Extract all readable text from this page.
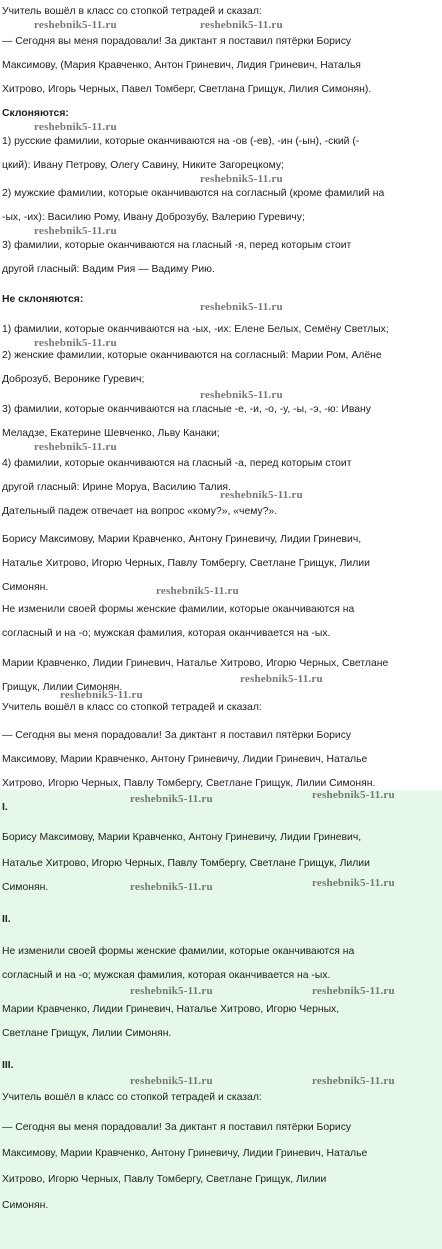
Учитель вошёл в класс со стопкой тетрадей и сказал:
— Сегодня вы меня порадовали! За диктант я поставил пятёрки Борису
Максимову, (Мария Кравченко, Антон Гриневич, Лидия Гриневич, Наталья
Хитрово, Игорь Черных, Павел Томберг, Светлана Грищук, Лилия Симонян).
Склоняются:
1) русские фамилии, которые оканчиваются на -ов (-ев), -ин (-ын), -ский (-
цкий): Ивану Петрову, Олегу Савину, Никите Загорецкому;
2) мужские фамилии, которые оканчиваются на согласный (кроме фамилий на
-ых, -их): Василию Рому, Ивану Доброзубу, Валерию Гуревичу;
3) фамилии, которые оканчиваются на гласный -я, перед которым стоит
другой гласный: Вадим Рия — Вадиму Рию.
Не склоняются:
1) фамилии, которые оканчиваются на -ых, -их: Елене Белых, Семёну Светлых;
2) женские фамилии, которые оканчиваются на согласный: Марии Ром, Алёне
Доброзуб, Веронике Гуревич;
3) фамилии, которые оканчиваются на гласные -е, -и, -о, -у, -ы, -э, -ю: Ивану
Меладзе, Екатерине Шевченко, Льву Канаки;
4) фамилии, которые оканчиваются на гласный -а, перед которым стоит
другой гласный: Ирине Моруа, Василию Талия.
Дательный падеж отвечает на вопрос «кому?», «чему?».
Борису Максимову, Марии Кравченко, Антону Гриневичу, Лидии Гриневич,
Наталье Хитрово, Игорю Черных, Павлу Томбергу, Светлане Грищук, Лилии
Симонян.
Не изменили своей формы женские фамилии, которые оканчиваются на
согласный и на -о; мужская фамилия, которая оканчивается на -ых.
Марии Кравченко, Лидии Гриневич, Наталье Хитрово, Игорю Черных, Светлане
Грищук, Лилии Симонян.
Учитель вошёл в класс со стопкой тетрадей и сказал:
— Сегодня вы меня порадовали! За диктант я поставил пятёрки Борису
Максимову, Марии Кравченко, Антону Гриневичу, Лидии Гриневич, Наталье
Хитрово, Игорю Черных, Павлу Томбергу, Светлане Грищук, Лилии Симонян.
I.
Борису Максимову, Марии Кравченко, Антону Гриневичу, Лидии Гриневич,
Наталье Хитрово, Игорю Черных, Павлу Томбергу, Светлане Грищук, Лилии
Симонян.
II.
Не изменили своей формы женские фамилии, которые оканчиваются на
согласный и на -о; мужская фамилия, которая оканчивается на -ых.
Марии Кравченко, Лидии Гриневич, Наталье Хитрово, Игорю Черных,
Светлане Грищук, Лилии Симонян.
III.
Учитель вошёл в класс со стопкой тетрадей и сказал:
— Сегодня вы меня порадовали! За диктант я поставил пятёрки Борису
Максимову, Марии Кравченко, Антону Гриневичу, Лидии Гриневич, Наталье
Хитрово, Игорю Черных, Павлу Томбергу, Светлане Грищук, Лилии
Симонян.
reshebnik5-11.ru	reshebnik5-11.ru
reshebnik5-11.ru
reshebnik5-11.ru
reshebnik5-11.ru
reshebnik5-11.ru
reshebnik5-11.ru
reshebnik5-11.ru
reshebnik5-11.ru
reshebnik5-11.ru
reshebnik5-11.ru
reshebnik5-11.ru
reshebnik5-11.ru
reshebnik5-11.ru
reshebnik5-11.ru
reshebnik5-11.ru	reshebnik5-11.ru
reshebnik5-11.ru	reshebnik5-11.ru
reshebnik5-11.ru	reshebnik5-11.ru
